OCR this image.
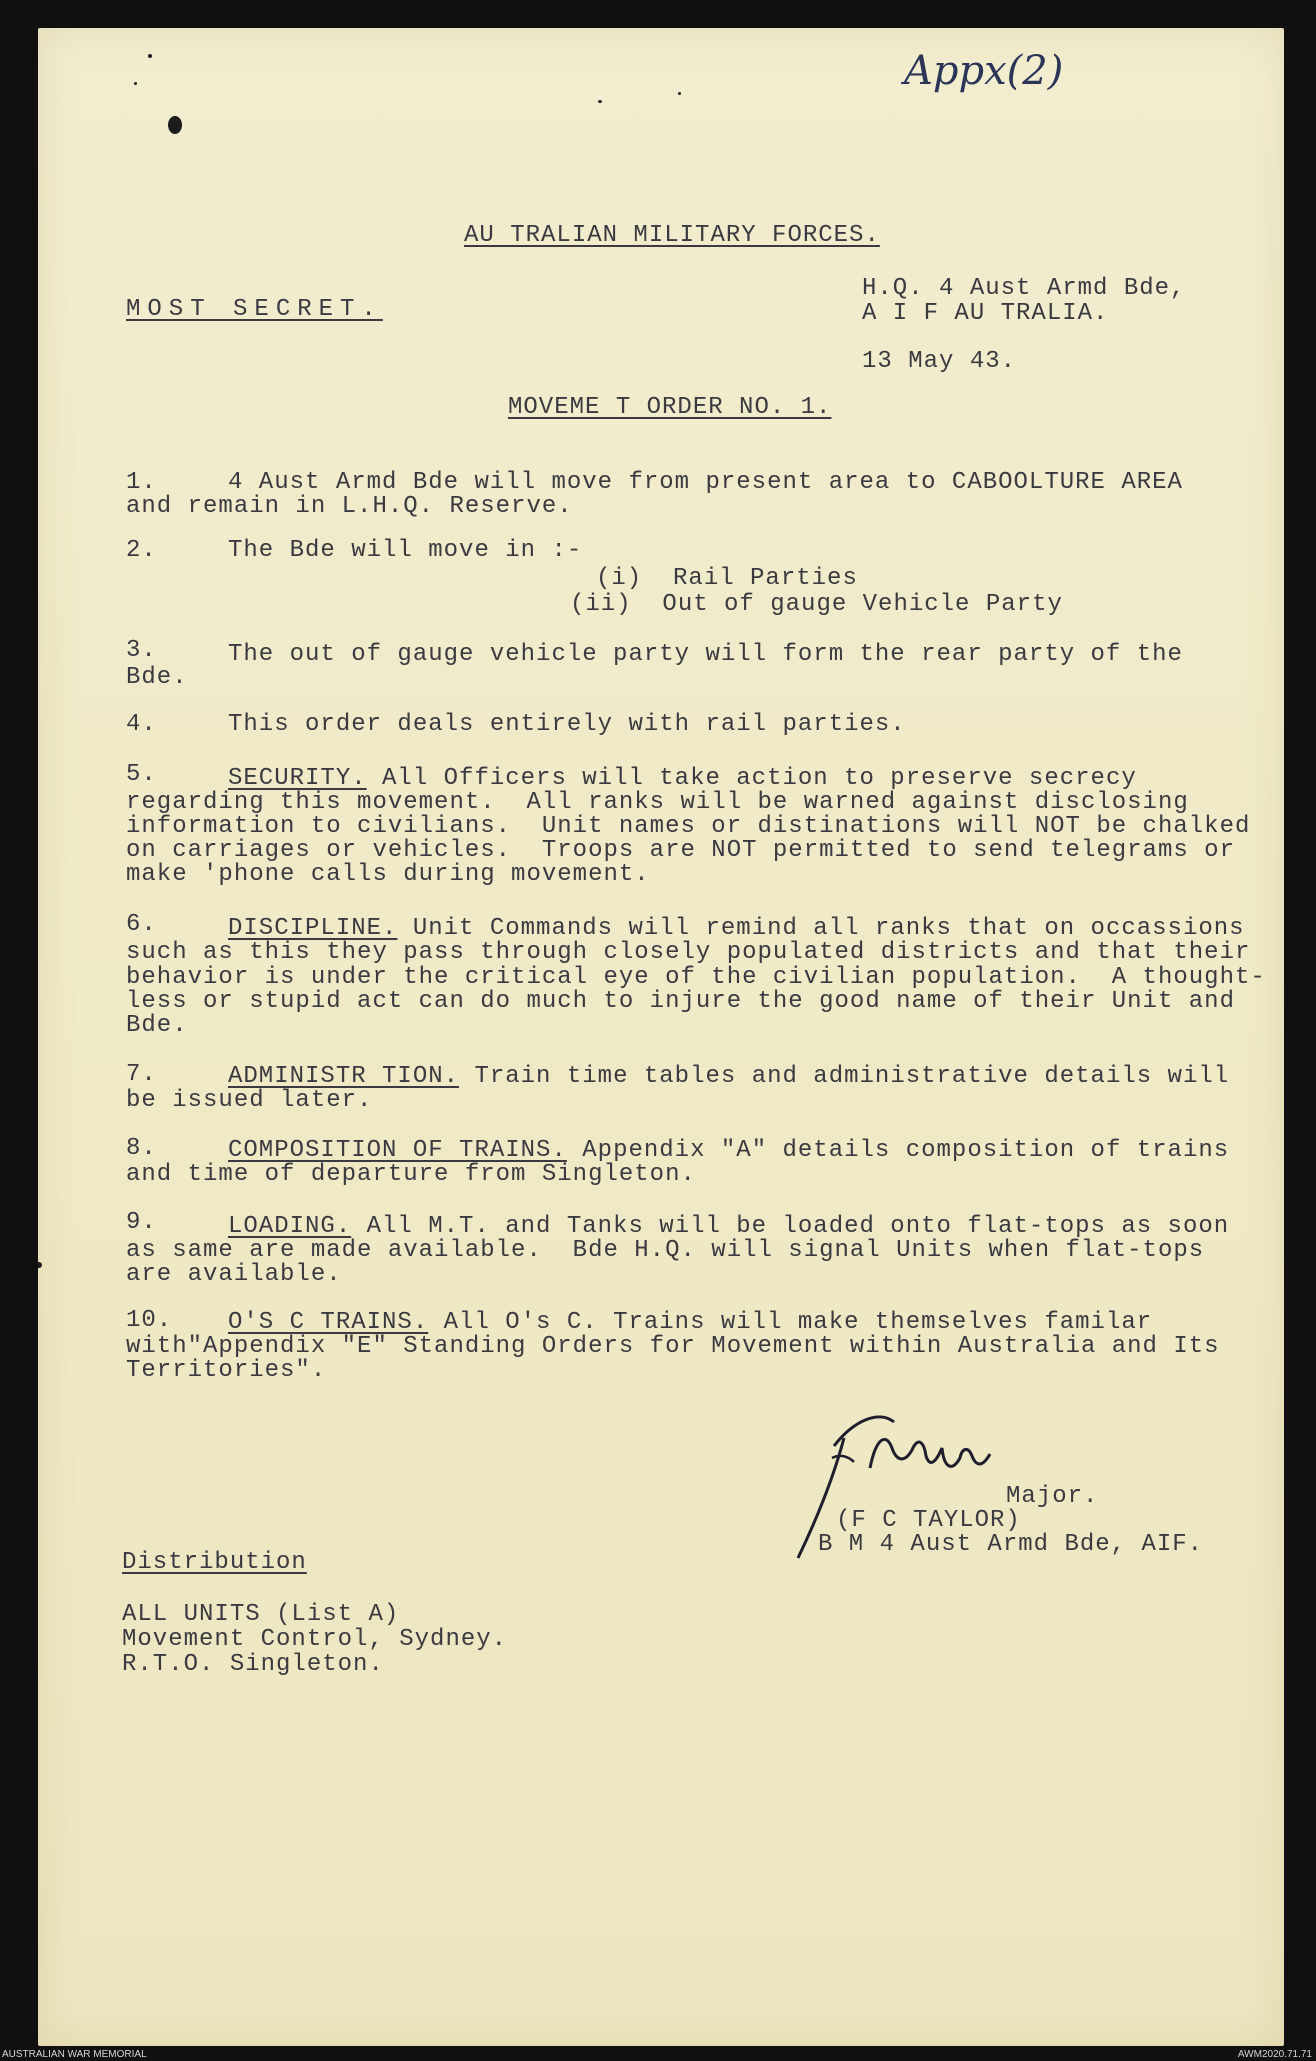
Appx(2)
AU TRALIAN MILITARY FORCES.
MOST SECRET.
H.Q. 4 Aust Armd Bde,
A I F AU TRALIA.
13 May 43.
MOVEME T ORDER NO. 1.
1.	4 Aust Armd Bde will move from present area to CABOOLTURE AREA
and remain in L.H.Q. Reserve.
2.	The Bde will move in :-
(i)  Rail Parties
(ii)  Out of gauge Vehicle Party
3.	The out of gauge vehicle party will form the rear party of the
Bde.
4.	This order deals entirely with rail parties.
5.	SECURITY. All Officers will take action to preserve secrecy
regarding this movement.  All ranks will be warned against disclosing
information to civilians.  Unit names or distinations will NOT be chalked
on carriages or vehicles.  Troops are NOT permitted to send telegrams or
make 'phone calls during movement.
6.	DISCIPLINE. Unit Commands will remind all ranks that on occassions
such as this they pass through closely populated districts and that their
behavior is under the critical eye of the civilian population.  A thought-
less or stupid act can do much to injure the good name of their Unit and
Bde.
7.	ADMINISTR TION. Train time tables and administrative details will
be issued later.
8.	COMPOSITION OF TRAINS. Appendix "A" details composition of trains
and time of departure from Singleton.
9.	LOADING. All M.T. and Tanks will be loaded onto flat-tops as soon
as same are made available.  Bde H.Q. will signal Units when flat-tops
are available.
10. O'S C TRAINS. All O's C. Trains will make themselves familar
with"Appendix "E" Standing Orders for Movement within Australia and Its
Territories".
Major.
(F C TAYLOR)
B M 4 Aust Armd Bde, AIF.
Distribution
ALL UNITS (List A)
Movement Control, Sydney.
R.T.O. Singleton.
AUSTRALIAN WAR MEMORIAL	AWM2020.71.71
